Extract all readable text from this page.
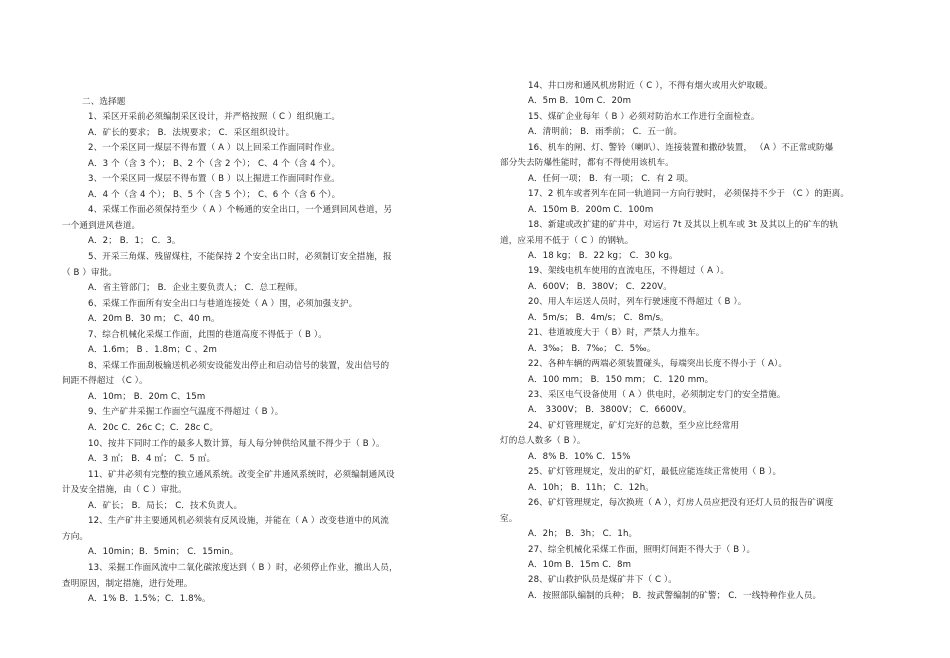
二、选择题
1、采区开采前必须编制采区设计，并严格按照（ C ）组织施工。
A．矿长的要求； B．法规要求； C．采区组织设计。
2、一个采区同一煤层不得布置（ A ）以上回采工作面同时作业。
A．3 个（含 3 个）； B、2 个（含 2 个）； C、4 个（含 4 个）。
3、一个采区同一煤层不得布置（ B ）以上掘进工作面同时作业。
A．4 个（含 4 个）； B、5 个（含 5 个）； C、6 个（含 6 个）。
4、采煤工作面必须保持至少（ A ）个畅通的安全出口，一个通到回风巷道，另
一个通到进风巷道。
A．2； B．1； C．3。
5、开采三角煤、残留煤柱，不能保持 2 个安全出口时，必须制订安全措施，报
（ B ）审批。
A．省主管部门； B．企业主要负责人； C．总工程师。
6、采煤工作面所有安全出口与巷道连接处（ A ）围，必须加强支护。
A．20m B．30 m； C、40 m。
7、综合机械化采煤工作面，此围的巷道高度不得低于（ B ）。
A．1.6m； B ．1.8m；C 、2m
8、采煤工作面刮板输送机必须安设能发出停止和启动信号的装置，发出信号的
间距不得超过 （C ）。
A．10m； B．20m C、15m
9、生产矿井采掘工作面空气温度不得超过（ B ）。
A．20c C．26c C；C．28c C。
10、按井下同时工作的最多人数计算，每人每分钟供给风量不得少于（ B ）。
A．3 ㎡； B．4 ㎡； C．5 ㎡。
11、矿井必须有完整的独立通风系统。改变全矿井通风系统时，必须编制通风设
计及安全措施，由（ C ）审批。
A．矿长； B．局长； C．技术负责人。
12、生产矿井主要通风机必须装有反风设施，并能在（ A ）改变巷道中的风流
方向。
A．10min；B．5min； C．15min。
13、采掘工作面风流中二氧化碳浓度达到（ B ）时，必须停止作业，撤出人员，
查明原因，制定措施，进行处理。
A．1% B．1.5%；C．1.8%。
14、井口房和通风机房附近（ C ），不得有烟火或用火炉取暖。
A．5m B．10m C．20m
15、煤矿企业每年（ B ）必须对防治水工作进行全面检查。
A．清明前； B．雨季前； C．五一前。
16、机车的闸、灯、警铃（喇叭）、连接装置和撒砂装置， （A ）不正常或防爆
部分失去防爆性能时，都有不得使用该机车。
A．任何一项； B．有一项； C．有 2 项。
17、2 机车或者列车在同一轨道同一方向行驶时， 必须保持不少于 （C ）的距离。
A．150m B．200m C．100m
18、新建或改扩建的矿井中，对运行 7t 及其以上机车或 3t 及其以上的矿车的轨
道，应采用不低于（ C ）的钢轨。
A．18 kg； B．22 kg； C．30 kg。
19、架线电机车使用的直流电压，不得超过（ A ）。
A．600V； B．380V； C．220V。
20、用人车运送人员时，列车行驶速度不得超过（ B ）。
A．5m/s； B．4m/s； C．8m/s。
21、巷道坡度大于（ B）时，严禁人力推车。
A．3‰； B．7‰； C．5‰。
22、各种车辆的两端必须装置碰头，每端突出长度不得小于（ A）。
A．100 mm； B．150 mm； C．120 mm。
23、采区电气设备使用（ A ）供电时，必须制定专门的安全措施。
A． 3300V； B．3800V； C．6600V。
24、矿灯管理规定，矿灯完好的总数，至少应比经常用
灯的总人数多（ B ）。
A．8% B．10% C．15%
25、矿灯管理规定，发出的矿灯，最低应能连续正常使用（ B ）。
A．10h； B．11h； C．12h。
26、矿灯管理规定，每次换班（ A ），灯房人员应把没有还灯人员的报告矿调度
室。
A．2h； B．3h； C．1h。
27、综全机械化采煤工作面，照明灯间距不得大于（ B ）。
A．10m B．15m C．8m
28、矿山救护队员是煤矿井下（ C ）。
A．按照部队编制的兵种； B．按武警编制的矿警； C．一线特种作业人员。
